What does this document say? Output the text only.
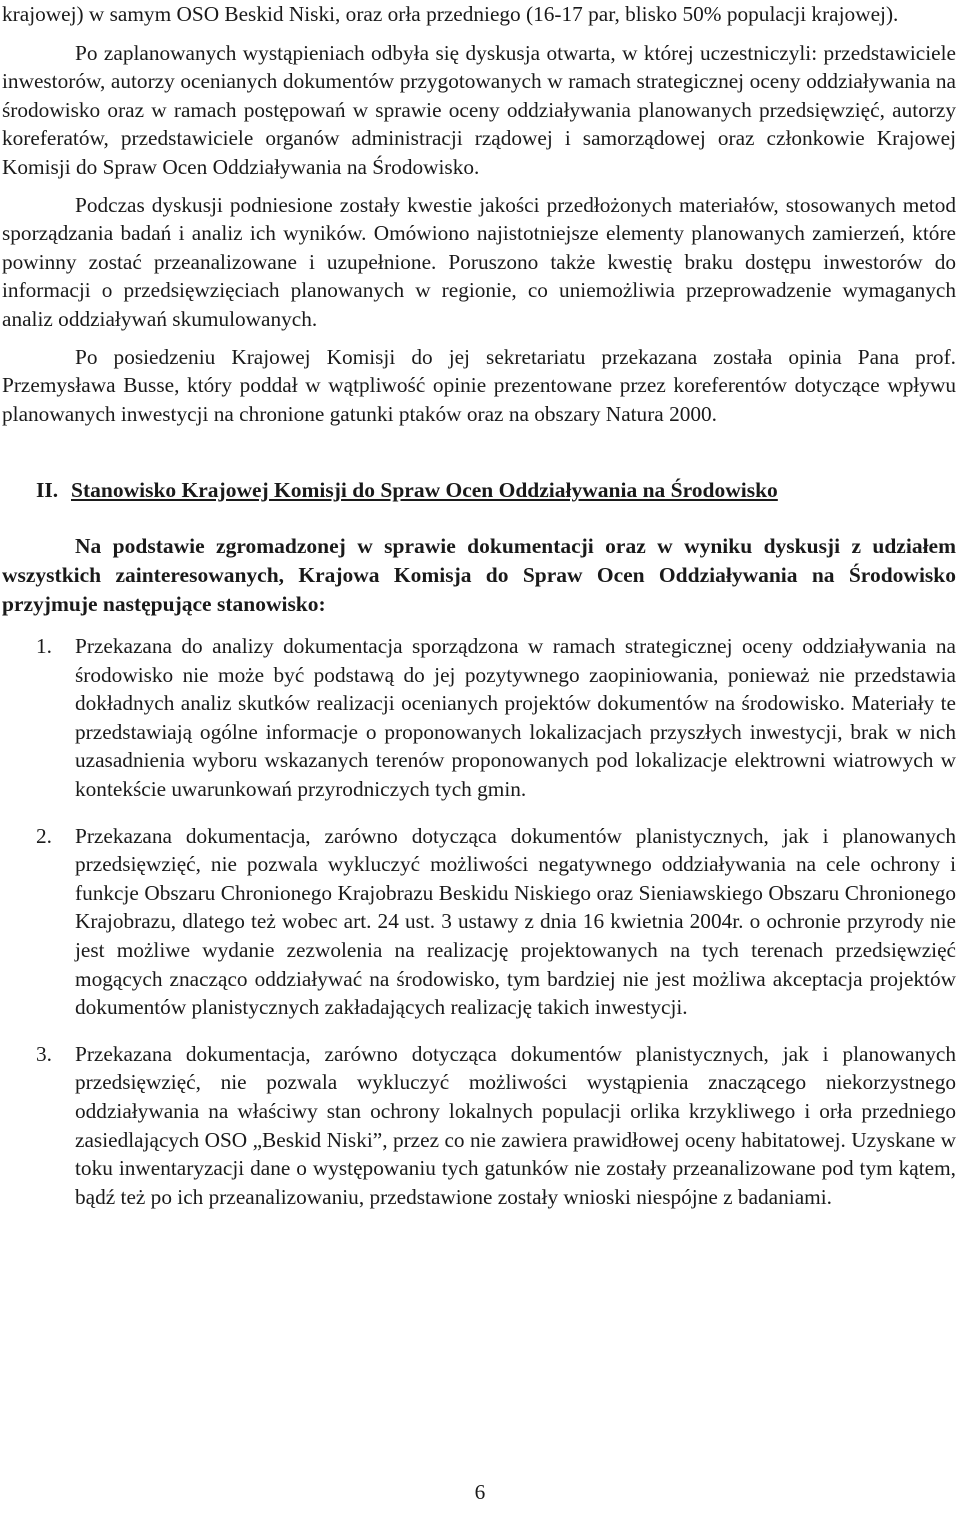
krajowej) w samym OSO Beskid Niski, oraz orła przedniego (16-17 par, blisko 50% populacji krajowej).

Po zaplanowanych wystąpieniach odbyła się dyskusja otwarta, w której uczestniczyli: przedstawiciele inwestorów, autorzy ocenianych dokumentów przygotowanych w ramach strategicznej oceny oddziaływania na środowisko oraz w ramach postępowań w sprawie oceny oddziaływania planowanych przedsięwzięć, autorzy koreferatów, przedstawiciele organów administracji rządowej i samorządowej oraz członkowie Krajowej Komisji do Spraw Ocen Oddziaływania na Środowisko.

Podczas dyskusji podniesione zostały kwestie jakości przedłożonych materiałów, stosowanych metod sporządzania badań i analiz ich wyników. Omówiono najistotniejsze elementy planowanych zamierzeń, które powinny zostać przeanalizowane i uzupełnione. Poruszono także kwestię braku dostępu inwestorów do informacji o przedsięwzięciach planowanych w regionie, co uniemożliwia przeprowadzenie wymaganych analiz oddziaływań skumulowanych.

Po posiedzeniu Krajowej Komisji do jej sekretariatu przekazana została opinia Pana prof. Przemysława Busse, który poddał w wątpliwość opinie prezentowane przez koreferentów dotyczące wpływu planowanych inwestycji na chronione gatunki ptaków oraz na obszary Natura 2000.

II. Stanowisko Krajowej Komisji do Spraw Ocen Oddziaływania na Środowisko

Na podstawie zgromadzonej w sprawie dokumentacji oraz w wyniku dyskusji z udziałem wszystkich zainteresowanych, Krajowa Komisja do Spraw Ocen Oddziaływania na Środowisko przyjmuje następujące stanowisko:

1. Przekazana do analizy dokumentacja sporządzona w ramach strategicznej oceny oddziaływania na środowisko nie może być podstawą do jej pozytywnego zaopiniowania, ponieważ nie przedstawia dokładnych analiz skutków realizacji ocenianych projektów dokumentów na środowisko. Materiały te przedstawiają ogólne informacje o proponowanych lokalizacjach przyszłych inwestycji, brak w nich uzasadnienia wyboru wskazanych terenów proponowanych pod lokalizacje elektrowni wiatrowych w kontekście uwarunkowań przyrodniczych tych gmin.
2. Przekazana dokumentacja, zarówno dotycząca dokumentów planistycznych, jak i planowanych przedsięwzięć, nie pozwala wykluczyć możliwości negatywnego oddziaływania na cele ochrony i funkcje Obszaru Chronionego Krajobrazu Beskidu Niskiego oraz Sieniawskiego Obszaru Chronionego Krajobrazu, dlatego też wobec art. 24 ust. 3 ustawy z dnia 16 kwietnia 2004r. o ochronie przyrody nie jest możliwe wydanie zezwolenia na realizację projektowanych na tych terenach przedsięwzięć mogących znacząco oddziaływać na środowisko, tym bardziej nie jest możliwa akceptacja projektów dokumentów planistycznych zakładających realizację takich inwestycji.
3. Przekazana dokumentacja, zarówno dotycząca dokumentów planistycznych, jak i planowanych przedsięwzięć, nie pozwala wykluczyć możliwości wystąpienia znaczącego niekorzystnego oddziaływania na właściwy stan ochrony lokalnych populacji orlika krzykliwego i orła przedniego zasiedlających OSO „Beskid Niski”, przez co nie zawiera prawidłowej oceny habitatowej. Uzyskane w toku inwentaryzacji dane o występowaniu tych gatunków nie zostały przeanalizowane pod tym kątem, bądź też po ich przeanalizowaniu, przedstawione zostały wnioski niespójne z badaniami.
6
